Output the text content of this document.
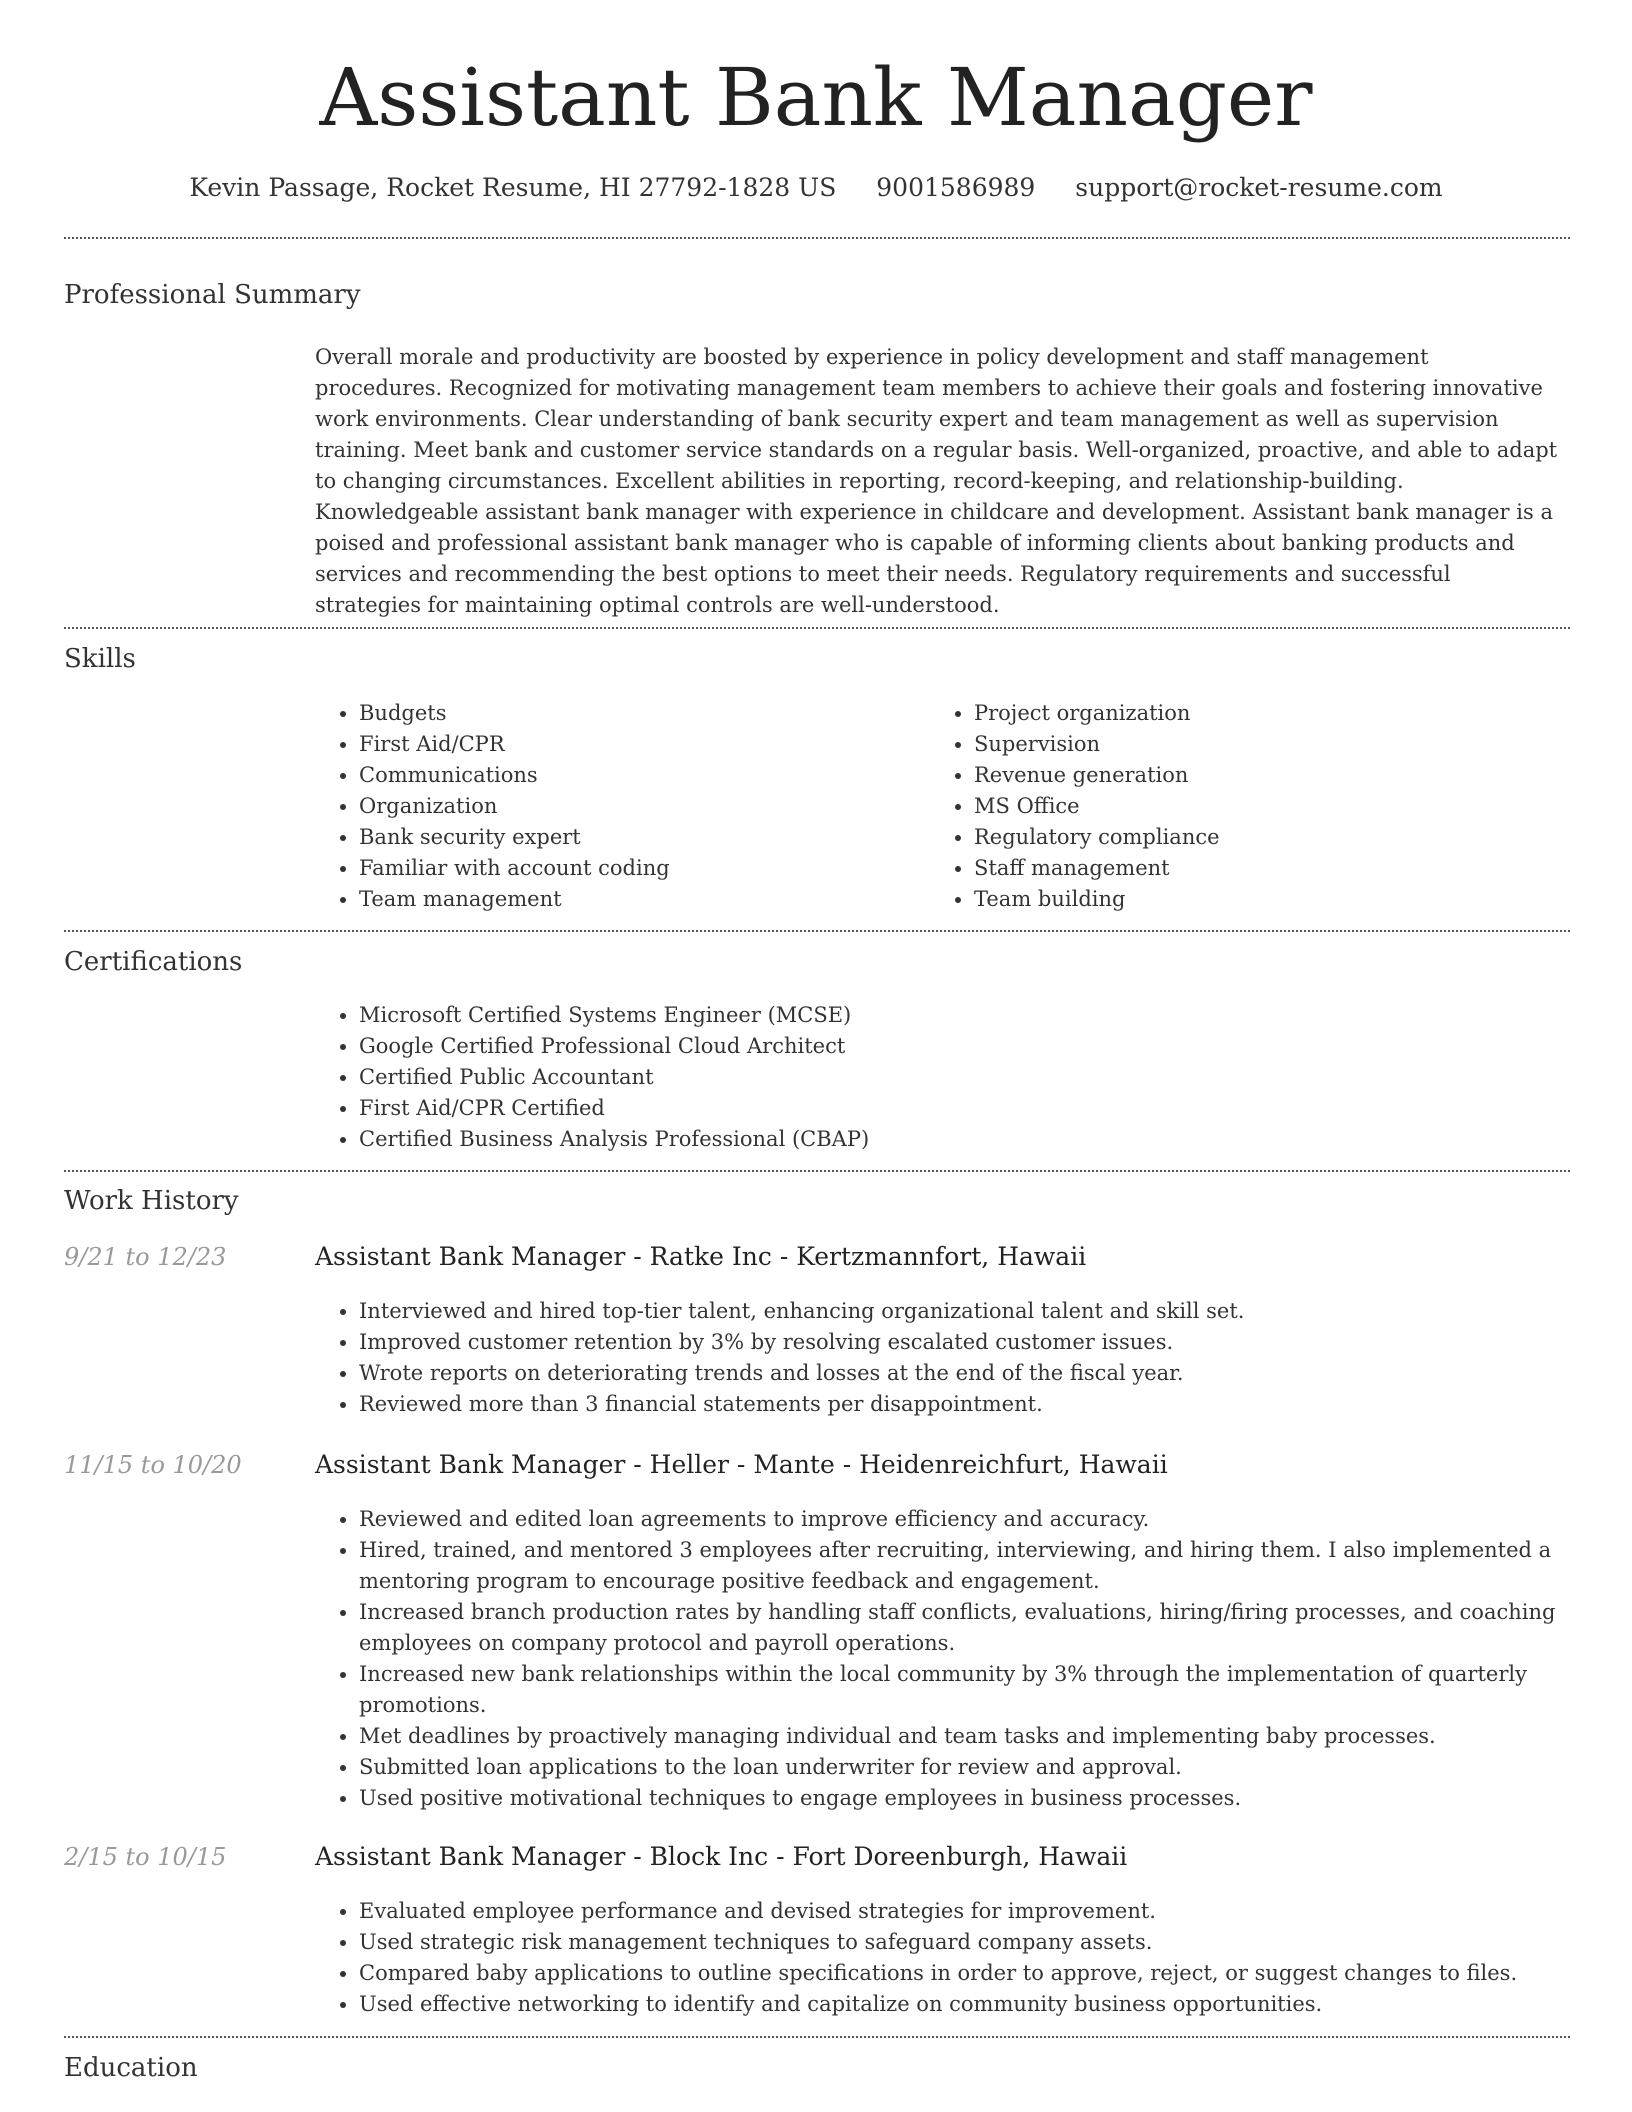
Assistant Bank Manager
Kevin Passage, Rocket Resume, HI 27792-1828 US 9001586989 support@rocket-resume.com
Professional Summary
Overall morale and productivity are boosted by experience in policy development and staff management procedures. Recognized for motivating management team members to achieve their goals and fostering innovative work environments. Clear understanding of bank security expert and team management as well as supervision training. Meet bank and customer service standards on a regular basis. Well-organized, proactive, and able to adapt to changing circumstances. Excellent abilities in reporting, record-keeping, and relationship-building. Knowledgeable assistant bank manager with experience in childcare and development. Assistant bank manager is a poised and professional assistant bank manager who is capable of informing clients about banking products and services and recommending the best options to meet their needs. Regulatory requirements and successful strategies for maintaining optimal controls are well-understood.
Skills
• Budgets
• First Aid/CPR
• Communications
• Organization
• Bank security expert
• Familiar with account coding
• Team management
• Project organization
• Supervision
• Revenue generation
• MS Office
• Regulatory compliance
• Staff management
• Team building
Certifications
• Microsoft Certified Systems Engineer (MCSE)
• Google Certified Professional Cloud Architect
• Certified Public Accountant
• First Aid/CPR Certified
• Certified Business Analysis Professional (CBAP)
Work History
9/21 to 12/23	Assistant Bank Manager - Ratke Inc - Kertzmannfort, Hawaii
• Interviewed and hired top-tier talent, enhancing organizational talent and skill set.
• Improved customer retention by 3% by resolving escalated customer issues.
• Wrote reports on deteriorating trends and losses at the end of the fiscal year.
• Reviewed more than 3 financial statements per disappointment.
11/15 to 10/20	Assistant Bank Manager - Heller - Mante - Heidenreichfurt, Hawaii
• Reviewed and edited loan agreements to improve efficiency and accuracy.
• Hired, trained, and mentored 3 employees after recruiting, interviewing, and hiring them. I also implemented a mentoring program to encourage positive feedback and engagement.
• Increased branch production rates by handling staff conflicts, evaluations, hiring/firing processes, and coaching employees on company protocol and payroll operations.
• Increased new bank relationships within the local community by 3% through the implementation of quarterly promotions.
• Met deadlines by proactively managing individual and team tasks and implementing baby processes.
• Submitted loan applications to the loan underwriter for review and approval.
• Used positive motivational techniques to engage employees in business processes.
2/15 to 10/15	Assistant Bank Manager - Block Inc - Fort Doreenburgh, Hawaii
• Evaluated employee performance and devised strategies for improvement.
• Used strategic risk management techniques to safeguard company assets.
• Compared baby applications to outline specifications in order to approve, reject, or suggest changes to files.
• Used effective networking to identify and capitalize on community business opportunities.
Education
